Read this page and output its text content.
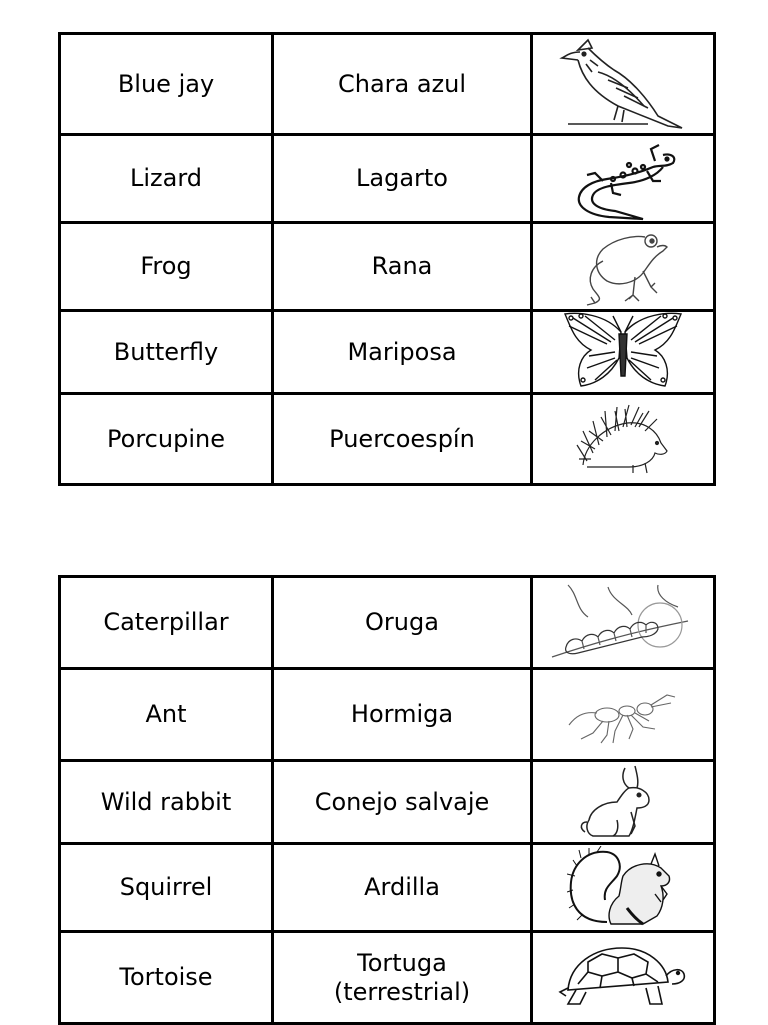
Blue jay	Chara azul	

Lizard	Lagarto	

Frog	Rana	

Butterfly	Mariposa	

Porcupine	Puercoespín	
Caterpillar	Oruga	

Ant	Hormiga	

Wild rabbit	Conejo salvaje	

Squirrel	Ardilla	

Tortoise	Tortuga
(terrestrial)
